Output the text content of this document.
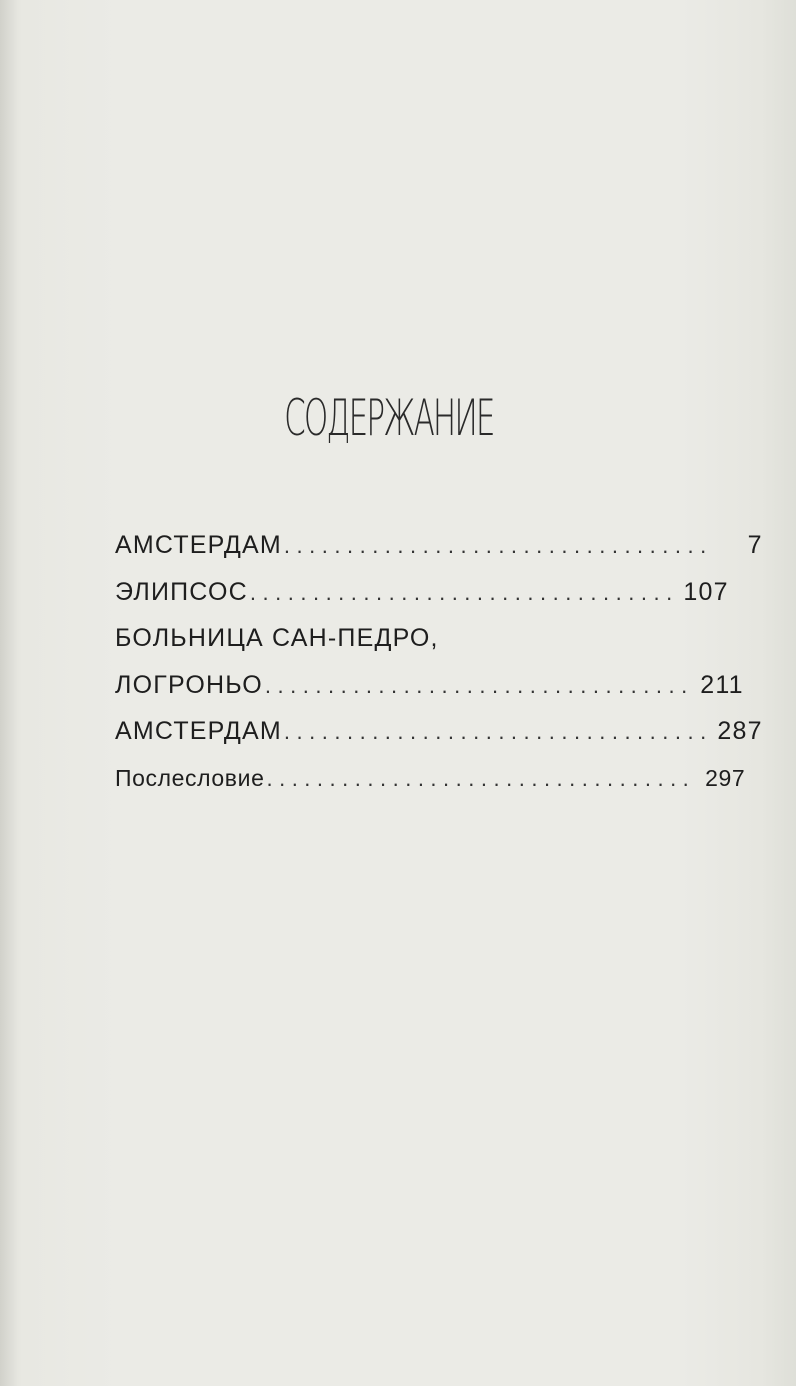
СОДЕРЖАНИЕ
АМСТЕРДАМ ..................................	7
ЭЛИПСОС .................................. 107
БОЛЬНИЦА САН-ПЕДРО,
ЛОГРОНЬО .................................. 211
АМСТЕРДАМ .................................. 287
Послесловие .................................. 297
